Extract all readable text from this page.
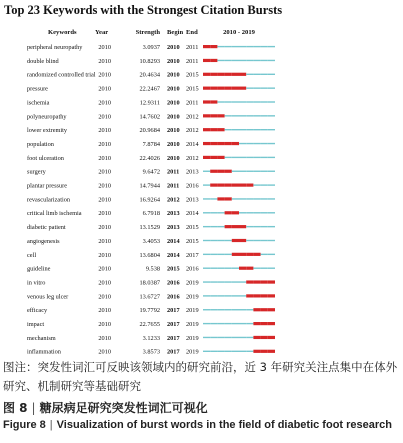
Top 23 Keywords with the Strongest Citation Bursts
Keywords	Year	Strength Begin End	2010 - 2019
peripheral neuropathy	2010	3.0937 2010 2011
double blind	2010	10.8293 2010 2011
randomized controlled trial 2010	20.4634 2010 2015
pressure	2010	22.2467 2010 2015
ischemia	2010	12.9311 2010 2011
polyneuropathy	2010	14.7602 2010 2012
lower extremity	2010	20.9684 2010 2012
population	2010	7.8784 2010 2014
foot ulceration	2010	22.4026 2010 2012
surgery	2010	9.6472 2011 2013
plantar pressure	2010	14.7944 2011 2016
revascularization	2010	16.9264 2012 2013
critical limb ischemia	2010	6.7918 2013 2014
diabetic patient	2010	13.1529 2013 2015
angiogenesis	2010	3.4053 2014 2015
cell	2010	13.6804 2014 2017
guideline	2010	9.538 2015 2016
in vitro	2010	18.0387 2016 2019
venous leg ulcer	2010	13.6727 2016 2019
efficacy	2010	19.7792 2017 2019
impact	2010	22.7655 2017 2019
mechanism	2010	3.1233 2017 2019
inflammation	2010	3.8573 2017 2019
图注：突发性词汇可反映该领域内的研究前沿，近 3 年研究关注点集中在体外研究、机制研究等基础研究
图 8 | 糖尿病足研究突发性词汇可视化
Figure 8 | Visualization of burst words in the field of diabetic foot research
